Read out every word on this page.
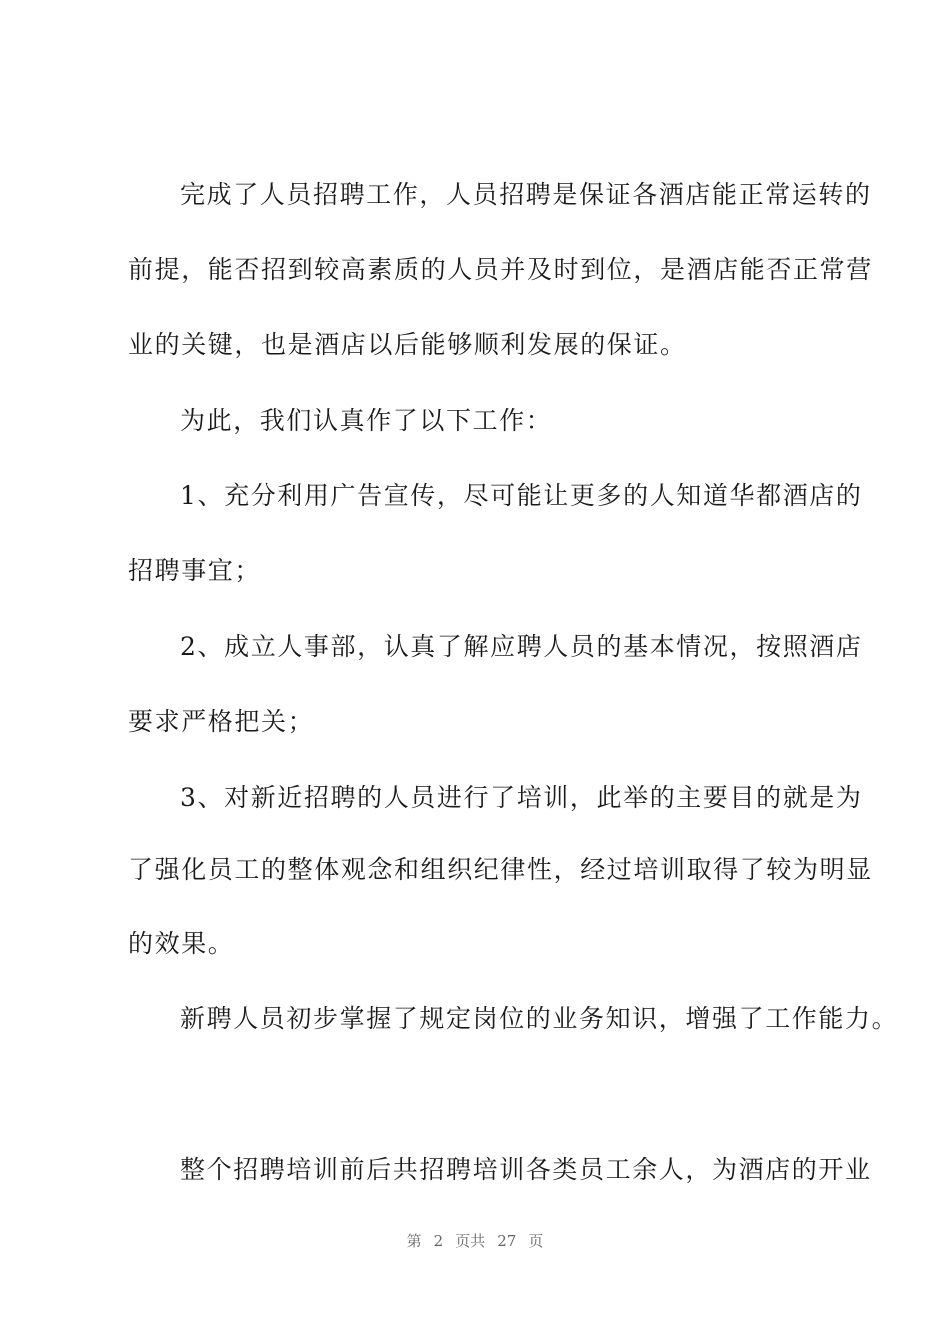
完成了人员招聘工作，人员招聘是保证各酒店能正常运转的
前提，能否招到较高素质的人员并及时到位，是酒店能否正常营
业的关键，也是酒店以后能够顺利发展的保证。
为此，我们认真作了以下工作：
1、充分利用广告宣传，尽可能让更多的人知道华都酒店的
招聘事宜；
2、成立人事部，认真了解应聘人员的基本情况，按照酒店
要求严格把关；
3、对新近招聘的人员进行了培训，此举的主要目的就是为
了强化员工的整体观念和组织纪律性，经过培训取得了较为明显
的效果。
新聘人员初步掌握了规定岗位的业务知识，增强了工作能力。
整个招聘培训前后共招聘培训各类员工余人，为酒店的开业
第 2 页共 27 页
